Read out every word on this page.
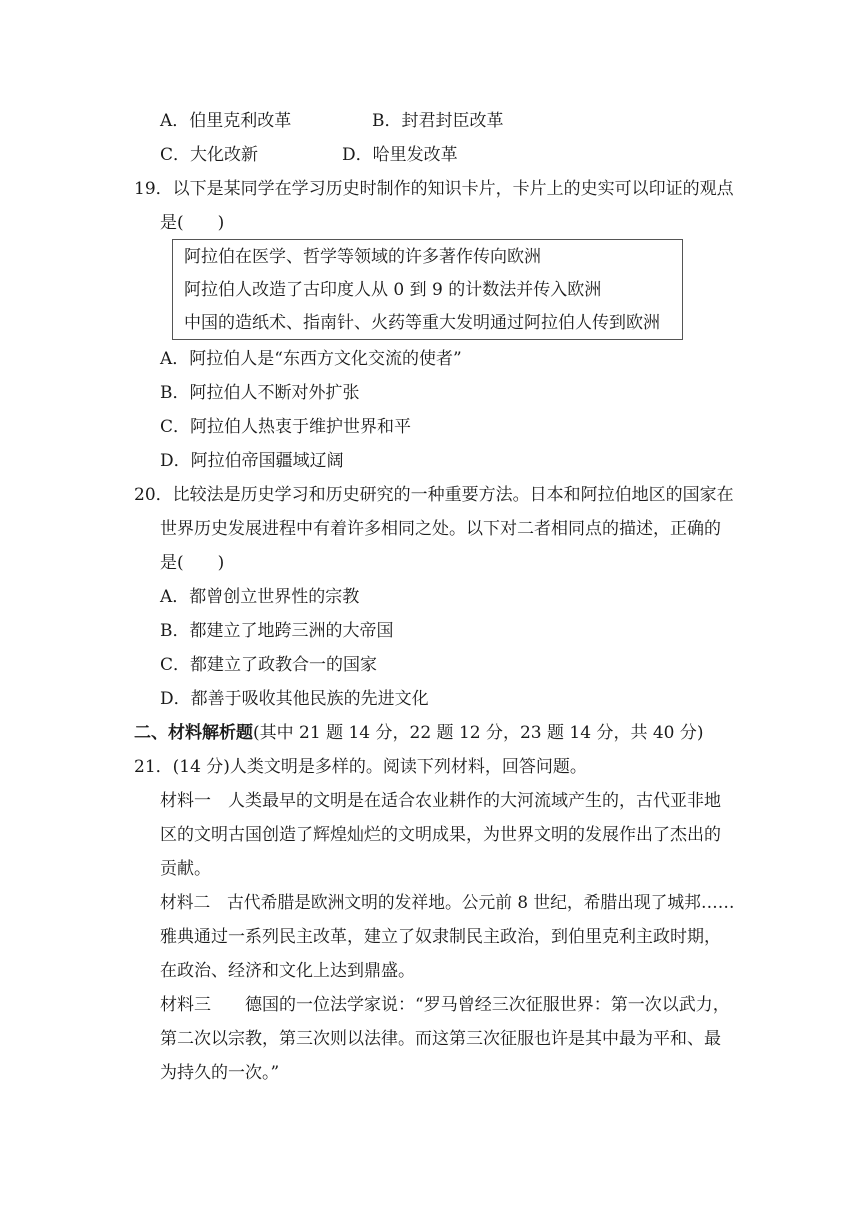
A．伯里克利改革	B．封君封臣改革
C．大化改新	D．哈里发改革
19．以下是某同学在学习历史时制作的知识卡片，卡片上的史实可以印证的观点
是(　　)
阿拉伯在医学、哲学等领域的许多著作传向欧洲
阿拉伯人改造了古印度人从 0 到 9 的计数法并传入欧洲
中国的造纸术、指南针、火药等重大发明通过阿拉伯人传到欧洲
A．阿拉伯人是“东西方文化交流的使者”
B．阿拉伯人不断对外扩张
C．阿拉伯人热衷于维护世界和平
D．阿拉伯帝国疆域辽阔
20．比较法是历史学习和历史研究的一种重要方法。日本和阿拉伯地区的国家在
世界历史发展进程中有着许多相同之处。以下对二者相同点的描述，正确的
是(　　)
A．都曾创立世界性的宗教
B．都建立了地跨三洲的大帝国
C．都建立了政教合一的国家
D．都善于吸收其他民族的先进文化
二、材料解析题(其中 21 题 14 分，22 题 12 分，23 题 14 分，共 40 分)
21．(14 分)人类文明是多样的。阅读下列材料，回答问题。
材料一　人类最早的文明是在适合农业耕作的大河流域产生的，古代亚非地
区的文明古国创造了辉煌灿烂的文明成果，为世界文明的发展作出了杰出的
贡献。
材料二　古代希腊是欧洲文明的发祥地。公元前 8 世纪，希腊出现了城邦……
雅典通过一系列民主改革，建立了奴隶制民主政治，到伯里克利主政时期，
在政治、经济和文化上达到鼎盛。
材料三　　德国的一位法学家说：“罗马曾经三次征服世界：第一次以武力，
第二次以宗教，第三次则以法律。而这第三次征服也许是其中最为平和、最
为持久的一次。”
